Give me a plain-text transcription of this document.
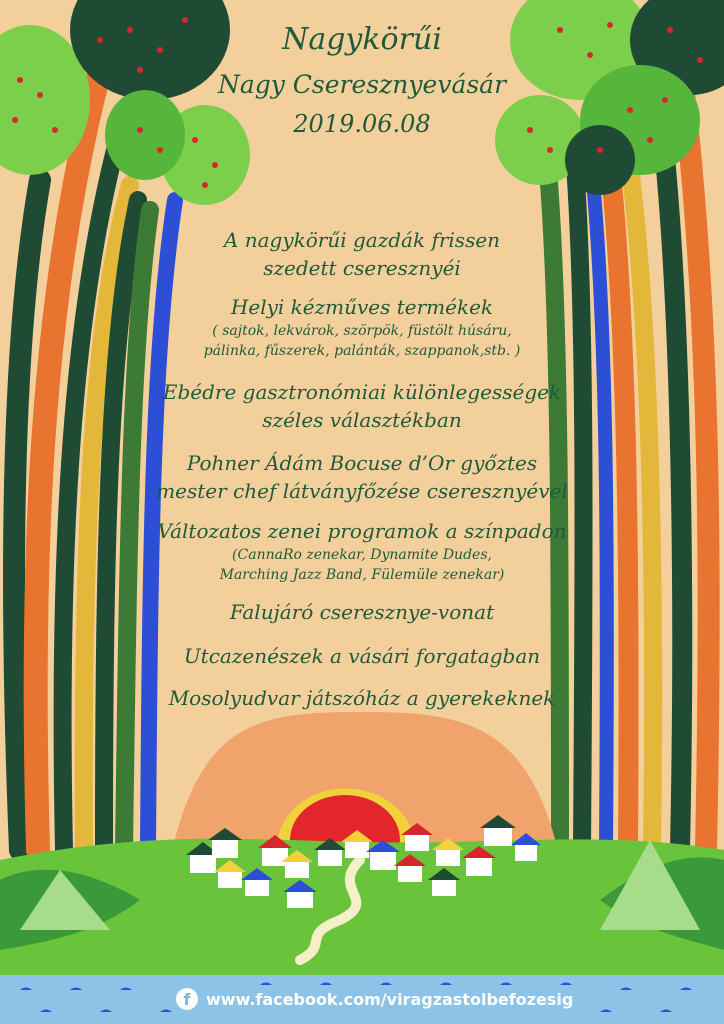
Nagykörűi
Nagy Cseresznyevásár
2019.06.08
A nagykörűi gazdák frissen
szedett cseresznyéi
Helyi kézműves termékek
( sajtok, lekvárok, szörpök, füstölt húsáru,
pálinka, fűszerek, palánták, szappanok,stb. )
Ebédre gasztronómiai különlegességek
széles választékban
Pohner Ádám Bocuse d’Or győztes
mester chef látványfőzése cseresznyével
Változatos zenei programok a színpadon
(CannaRo zenekar, Dynamite Dudes,
Marching Jazz Band, Fülemüle zenekar)
Falujáró cseresznye-vonat
Utcazenészek a vásári forgatagban
Mosolyudvar játszóház a gyerekeknek
f www.facebook.com/viragzastolbefozesig
